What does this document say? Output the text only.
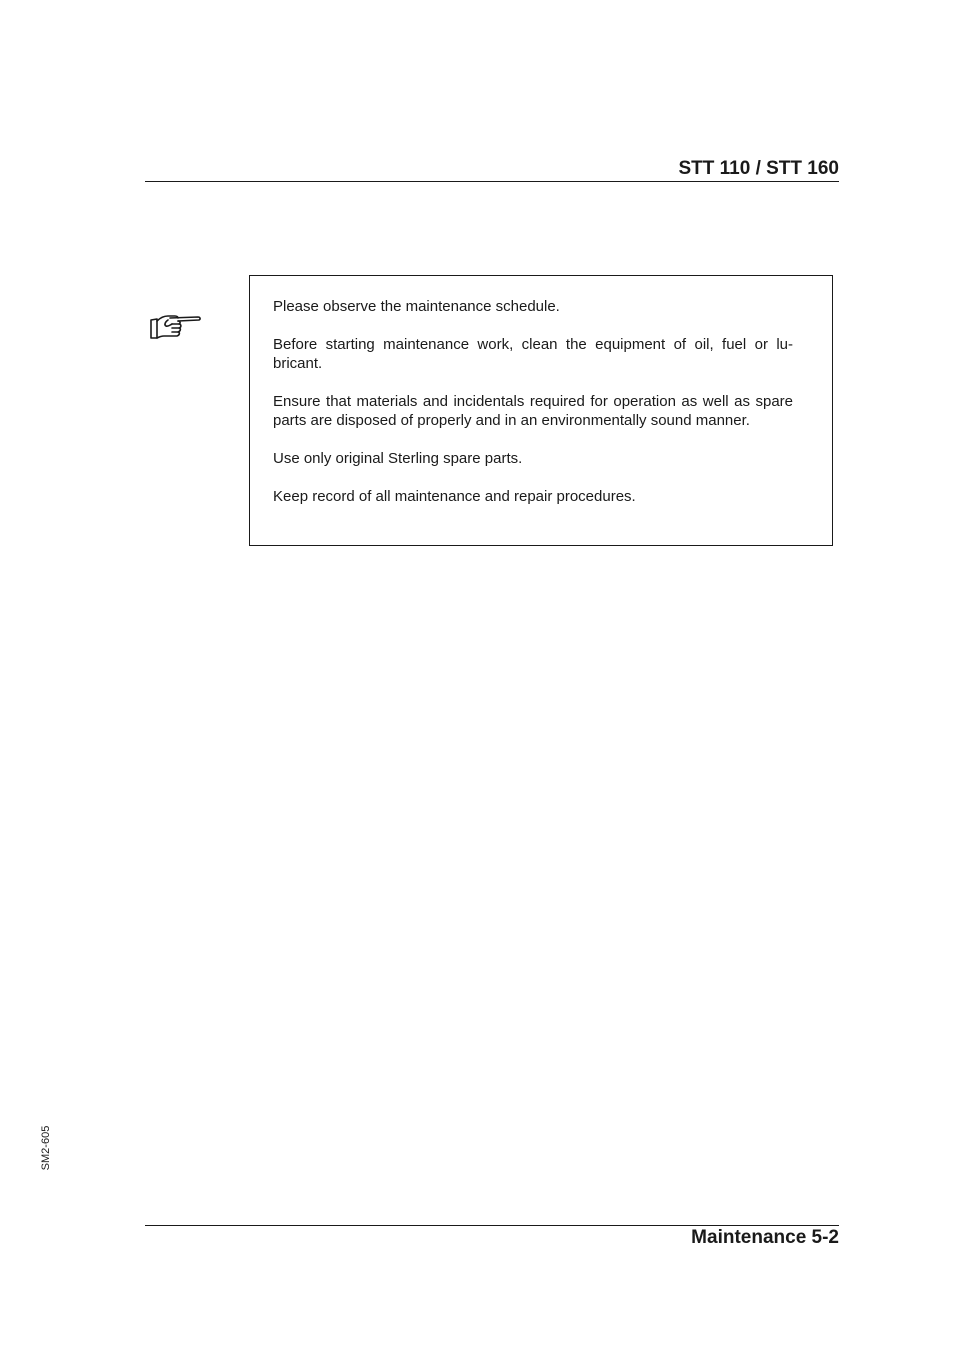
STT 110 / STT 160

Please observe the maintenance schedule.

Before starting maintenance work, clean the equipment of oil, fuel or lu-bricant.

Ensure that materials and incidentals required for operation as well as spare parts are disposed of properly and in an environmentally sound manner.

Use only original Sterling spare parts.

Keep record of all maintenance and repair procedures.

SM2-605
Maintenance 5-2
